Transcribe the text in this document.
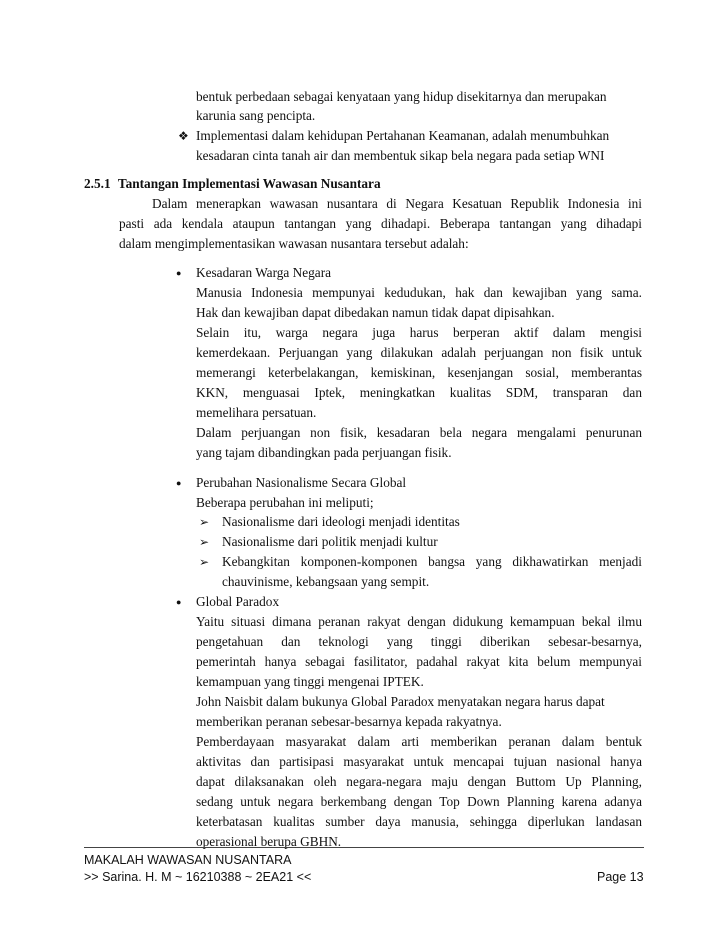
bentuk perbedaan sebagai kenyataan yang hidup disekitarnya dan merupakan
karunia sang pencipta.
❖ Implementasi dalam kehidupan Pertahanan Keamanan, adalah menumbuhkan
kesadaran cinta tanah air dan membentuk sikap bela negara pada setiap WNI
2.5.1 Tantangan Implementasi Wawasan Nusantara
Dalam menerapkan wawasan nusantara di Negara Kesatuan Republik Indonesia ini
pasti ada kendala ataupun tantangan yang dihadapi. Beberapa tantangan yang dihadapi
dalam mengimplementasikan wawasan nusantara tersebut adalah:
● Kesadaran Warga Negara
Manusia Indonesia mempunyai kedudukan, hak dan kewajiban yang sama.
Hak dan kewajiban dapat dibedakan namun tidak dapat dipisahkan.
Selain itu, warga negara juga harus berperan aktif dalam mengisi
kemerdekaan. Perjuangan yang dilakukan adalah perjuangan non fisik untuk
memerangi keterbelakangan, kemiskinan, kesenjangan sosial, memberantas
KKN, menguasai Iptek, meningkatkan kualitas SDM, transparan dan
memelihara persatuan.
Dalam perjuangan non fisik, kesadaran bela negara mengalami penurunan
yang tajam dibandingkan pada perjuangan fisik.
● Perubahan Nasionalisme Secara Global
Beberapa perubahan ini meliputi;
➢ Nasionalisme dari ideologi menjadi identitas
➢ Nasionalisme dari politik menjadi kultur
➢ Kebangkitan komponen-komponen bangsa yang dikhawatirkan menjadi
chauvinisme, kebangsaan yang sempit.
● Global Paradox
Yaitu situasi dimana peranan rakyat dengan didukung kemampuan bekal ilmu
pengetahuan dan teknologi yang tinggi diberikan sebesar-besarnya,
pemerintah hanya sebagai fasilitator, padahal rakyat kita belum mempunyai
kemampuan yang tinggi mengenai IPTEK.
John Naisbit dalam bukunya Global Paradox menyatakan negara harus dapat
memberikan peranan sebesar-besarnya kepada rakyatnya.
Pemberdayaan masyarakat dalam arti memberikan peranan dalam bentuk
aktivitas dan partisipasi masyarakat untuk mencapai tujuan nasional hanya
dapat dilaksanakan oleh negara-negara maju dengan Buttom Up Planning,
sedang untuk negara berkembang dengan Top Down Planning karena adanya
keterbatasan kualitas sumber daya manusia, sehingga diperlukan landasan
operasional berupa GBHN.
MAKALAH WAWASAN NUSANTARA
>> Sarina. H. M ~ 16210388 ~ 2EA21 <<	Page 13
